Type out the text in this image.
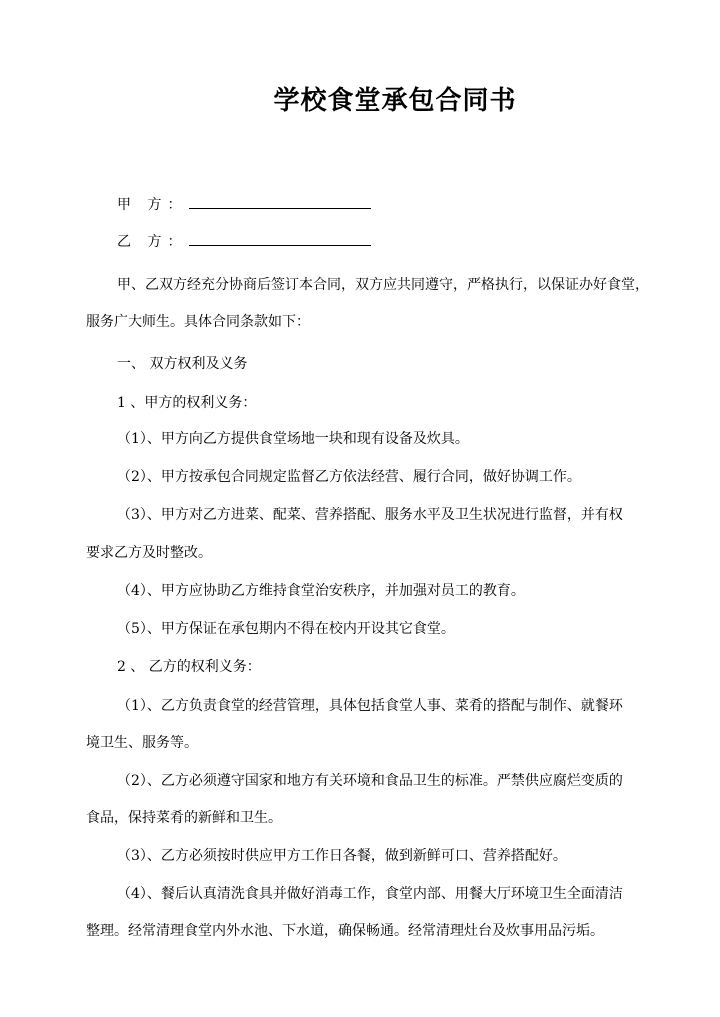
学校食堂承包合同书
甲 方：
乙 方：
甲、乙双方经充分协商后签订本合同，双方应共同遵守，严格执行，以保证办好食堂，
服务广大师生。具体合同条款如下：
一、 双方权利及义务
1 、甲方的权利义务：
（1）、甲方向乙方提供食堂场地一块和现有设备及炊具。
（2）、甲方按承包合同规定监督乙方依法经营、履行合同，做好协调工作。
（3）、甲方对乙方进菜、配菜、营养搭配、服务水平及卫生状况进行监督，并有权
要求乙方及时整改。
（4）、甲方应协助乙方维持食堂治安秩序，并加强对员工的教育。
（5）、甲方保证在承包期内不得在校内开设其它食堂。
2 、 乙方的权利义务：
（1）、乙方负责食堂的经营管理，具体包括食堂人事、菜肴的搭配与制作、就餐环
境卫生、服务等。
（2）、乙方必须遵守国家和地方有关环境和食品卫生的标准。严禁供应腐烂变质的
食品，保持菜肴的新鲜和卫生。
（3）、乙方必须按时供应甲方工作日各餐，做到新鲜可口、营养搭配好。
（4）、餐后认真清洗食具并做好消毒工作，食堂内部、用餐大厅环境卫生全面清洁
整理。经常清理食堂内外水池、下水道，确保畅通。经常清理灶台及炊事用品污垢。
